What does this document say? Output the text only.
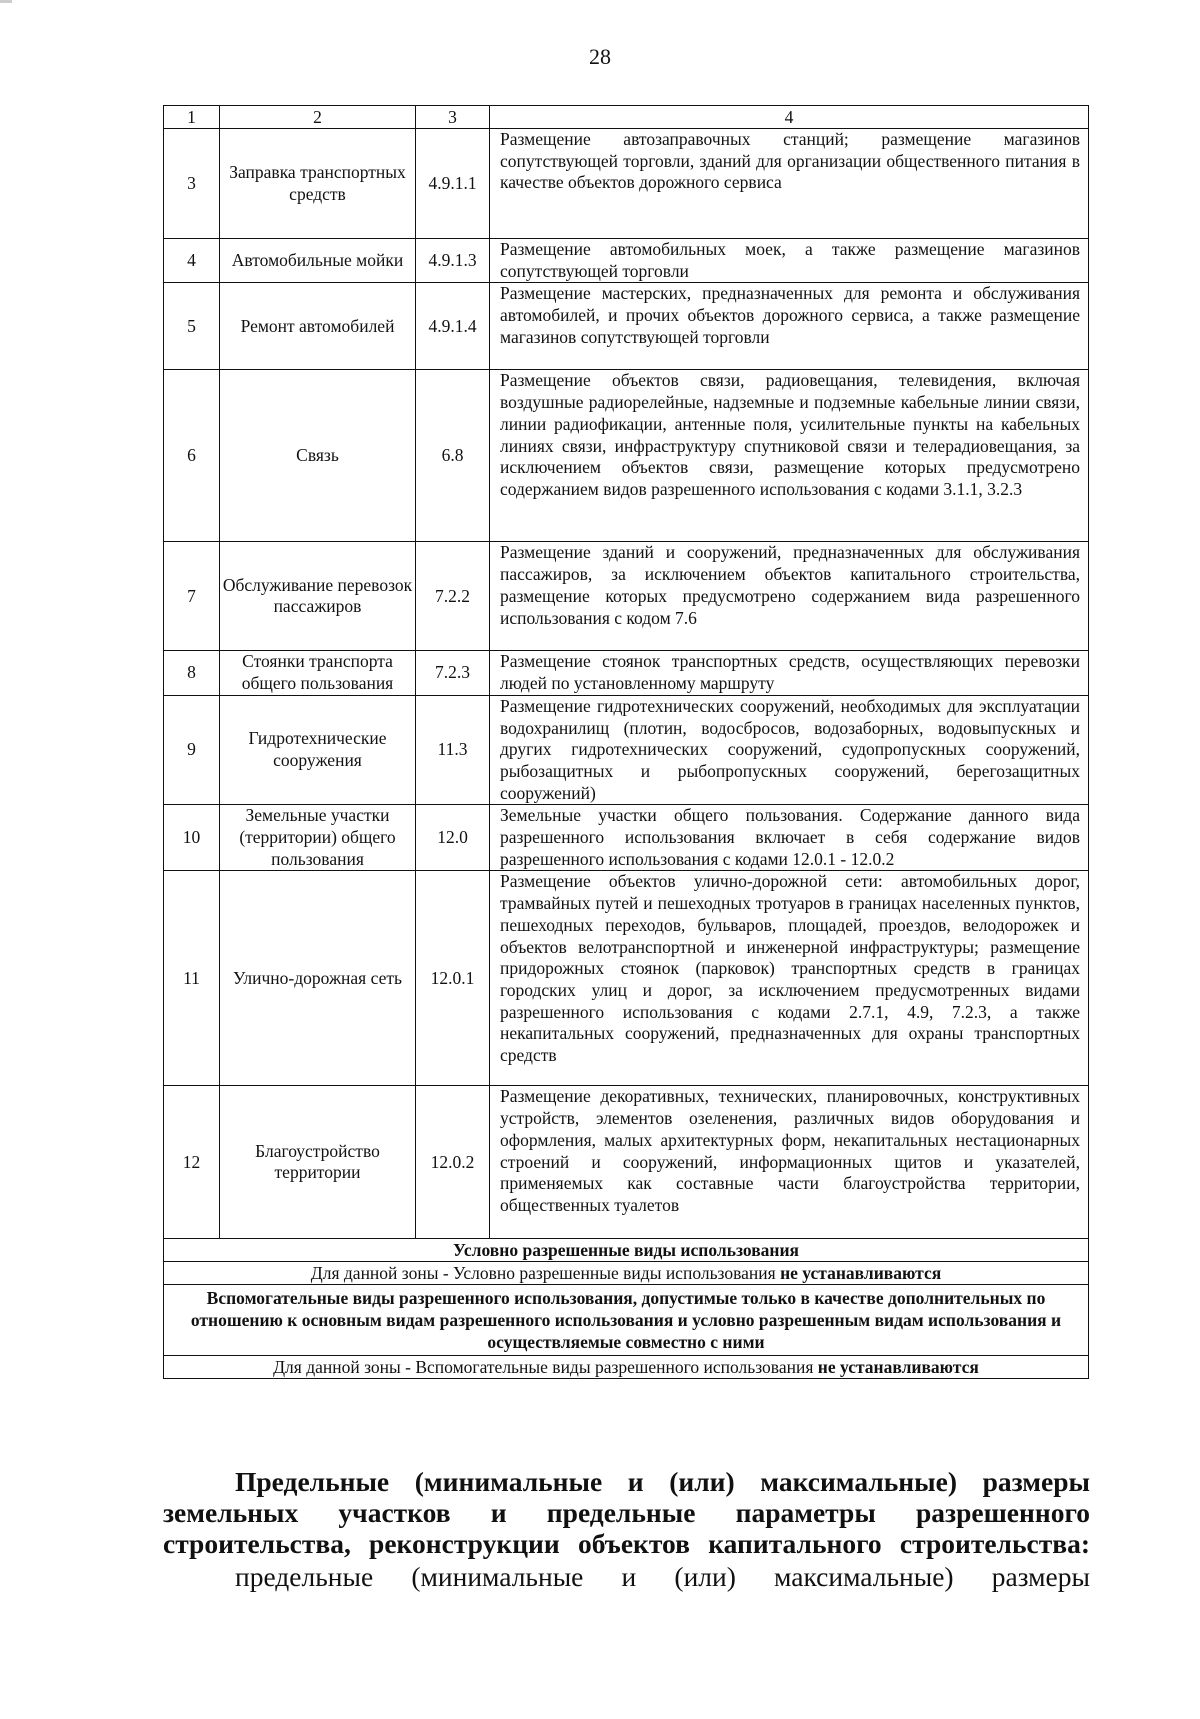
28
1	2	3	4
3	Заправка транспортных средств	4.9.1.1	Размещение автозаправочных станций; размещение магазинов сопутствующей торговли, зданий для организации общественного питания в качестве объектов дорожного сервиса
4	Автомобильные мойки	4.9.1.3	Размещение автомобильных моек, а также размещение магазинов сопутствующей торговли
5	Ремонт автомобилей	4.9.1.4	Размещение мастерских, предназначенных для ремонта и обслуживания автомобилей, и прочих объектов дорожного сервиса, а также размещение магазинов сопутствующей торговли
6	Связь	6.8	Размещение объектов связи, радиовещания, телевидения, включая воздушные радиорелейные, надземные и подземные кабельные линии связи, линии радиофикации, антенные поля, усилительные пункты на кабельных линиях связи, инфраструктуру спутниковой связи и телерадиовещания, за исключением объектов связи, размещение которых предусмотрено содержанием видов разрешенного использования с кодами 3.1.1, 3.2.3
7	Обслуживание перевозок пассажиров	7.2.2	Размещение зданий и сооружений, предназначенных для обслуживания пассажиров, за исключением объектов капитального строительства, размещение которых предусмотрено содержанием вида разрешенного использования с кодом 7.6
8	Стоянки транспорта общего пользования	7.2.3	Размещение стоянок транспортных средств, осуществляющих перевозки людей по установленному маршруту
9	Гидротехнические сооружения	11.3	Размещение гидротехнических сооружений, необходимых для эксплуатации водохранилищ (плотин, водосбросов, водозаборных, водовыпускных и других гидротехнических сооружений, судопропускных сооружений, рыбозащитных и рыбопропускных сооружений, берегозащитных сооружений)
10	Земельные участки (территории) общего пользования	12.0	Земельные участки общего пользования. Содержание данного вида разрешенного использования включает в себя содержание видов разрешенного использования с кодами 12.0.1 - 12.0.2
11	Улично-дорожная сеть	12.0.1	Размещение объектов улично-дорожной сети: автомобильных дорог, трамвайных путей и пешеходных тротуаров в границах населенных пунктов, пешеходных переходов, бульваров, площадей, проездов, велодорожек и объектов велотранспортной и инженерной инфраструктуры; размещение придорожных стоянок (парковок) транспортных средств в границах городских улиц и дорог, за исключением предусмотренных видами разрешенного использования с кодами 2.7.1, 4.9, 7.2.3, а также некапитальных сооружений, предназначенных для охраны транспортных средств
12	Благоустройство территории	12.0.2	Размещение декоративных, технических, планировочных, конструктивных устройств, элементов озеленения, различных видов оборудования и оформления, малых архитектурных форм, некапитальных нестационарных строений и сооружений, информационных щитов и указателей, применяемых как составные части благоустройства территории, общественных туалетов
Условно разрешенные виды использования			
Для данной зоны - Условно разрешенные виды использования не устанавливаются			
Вспомогательные виды разрешенного использования, допустимые только в качестве дополнительных по отношению к основным видам разрешенного использования и условно разрешенным видам использования и осуществляемые совместно с ними			
Для данной зоны - Вспомогательные виды разрешенного использования не устанавливаются			
Предельные (минимальные и (или) максимальные) размеры
земельных участков и предельные параметры разрешенного
строительства, реконструкции объектов капитального строительства:
предельные (минимальные и (или) максимальные) размеры
